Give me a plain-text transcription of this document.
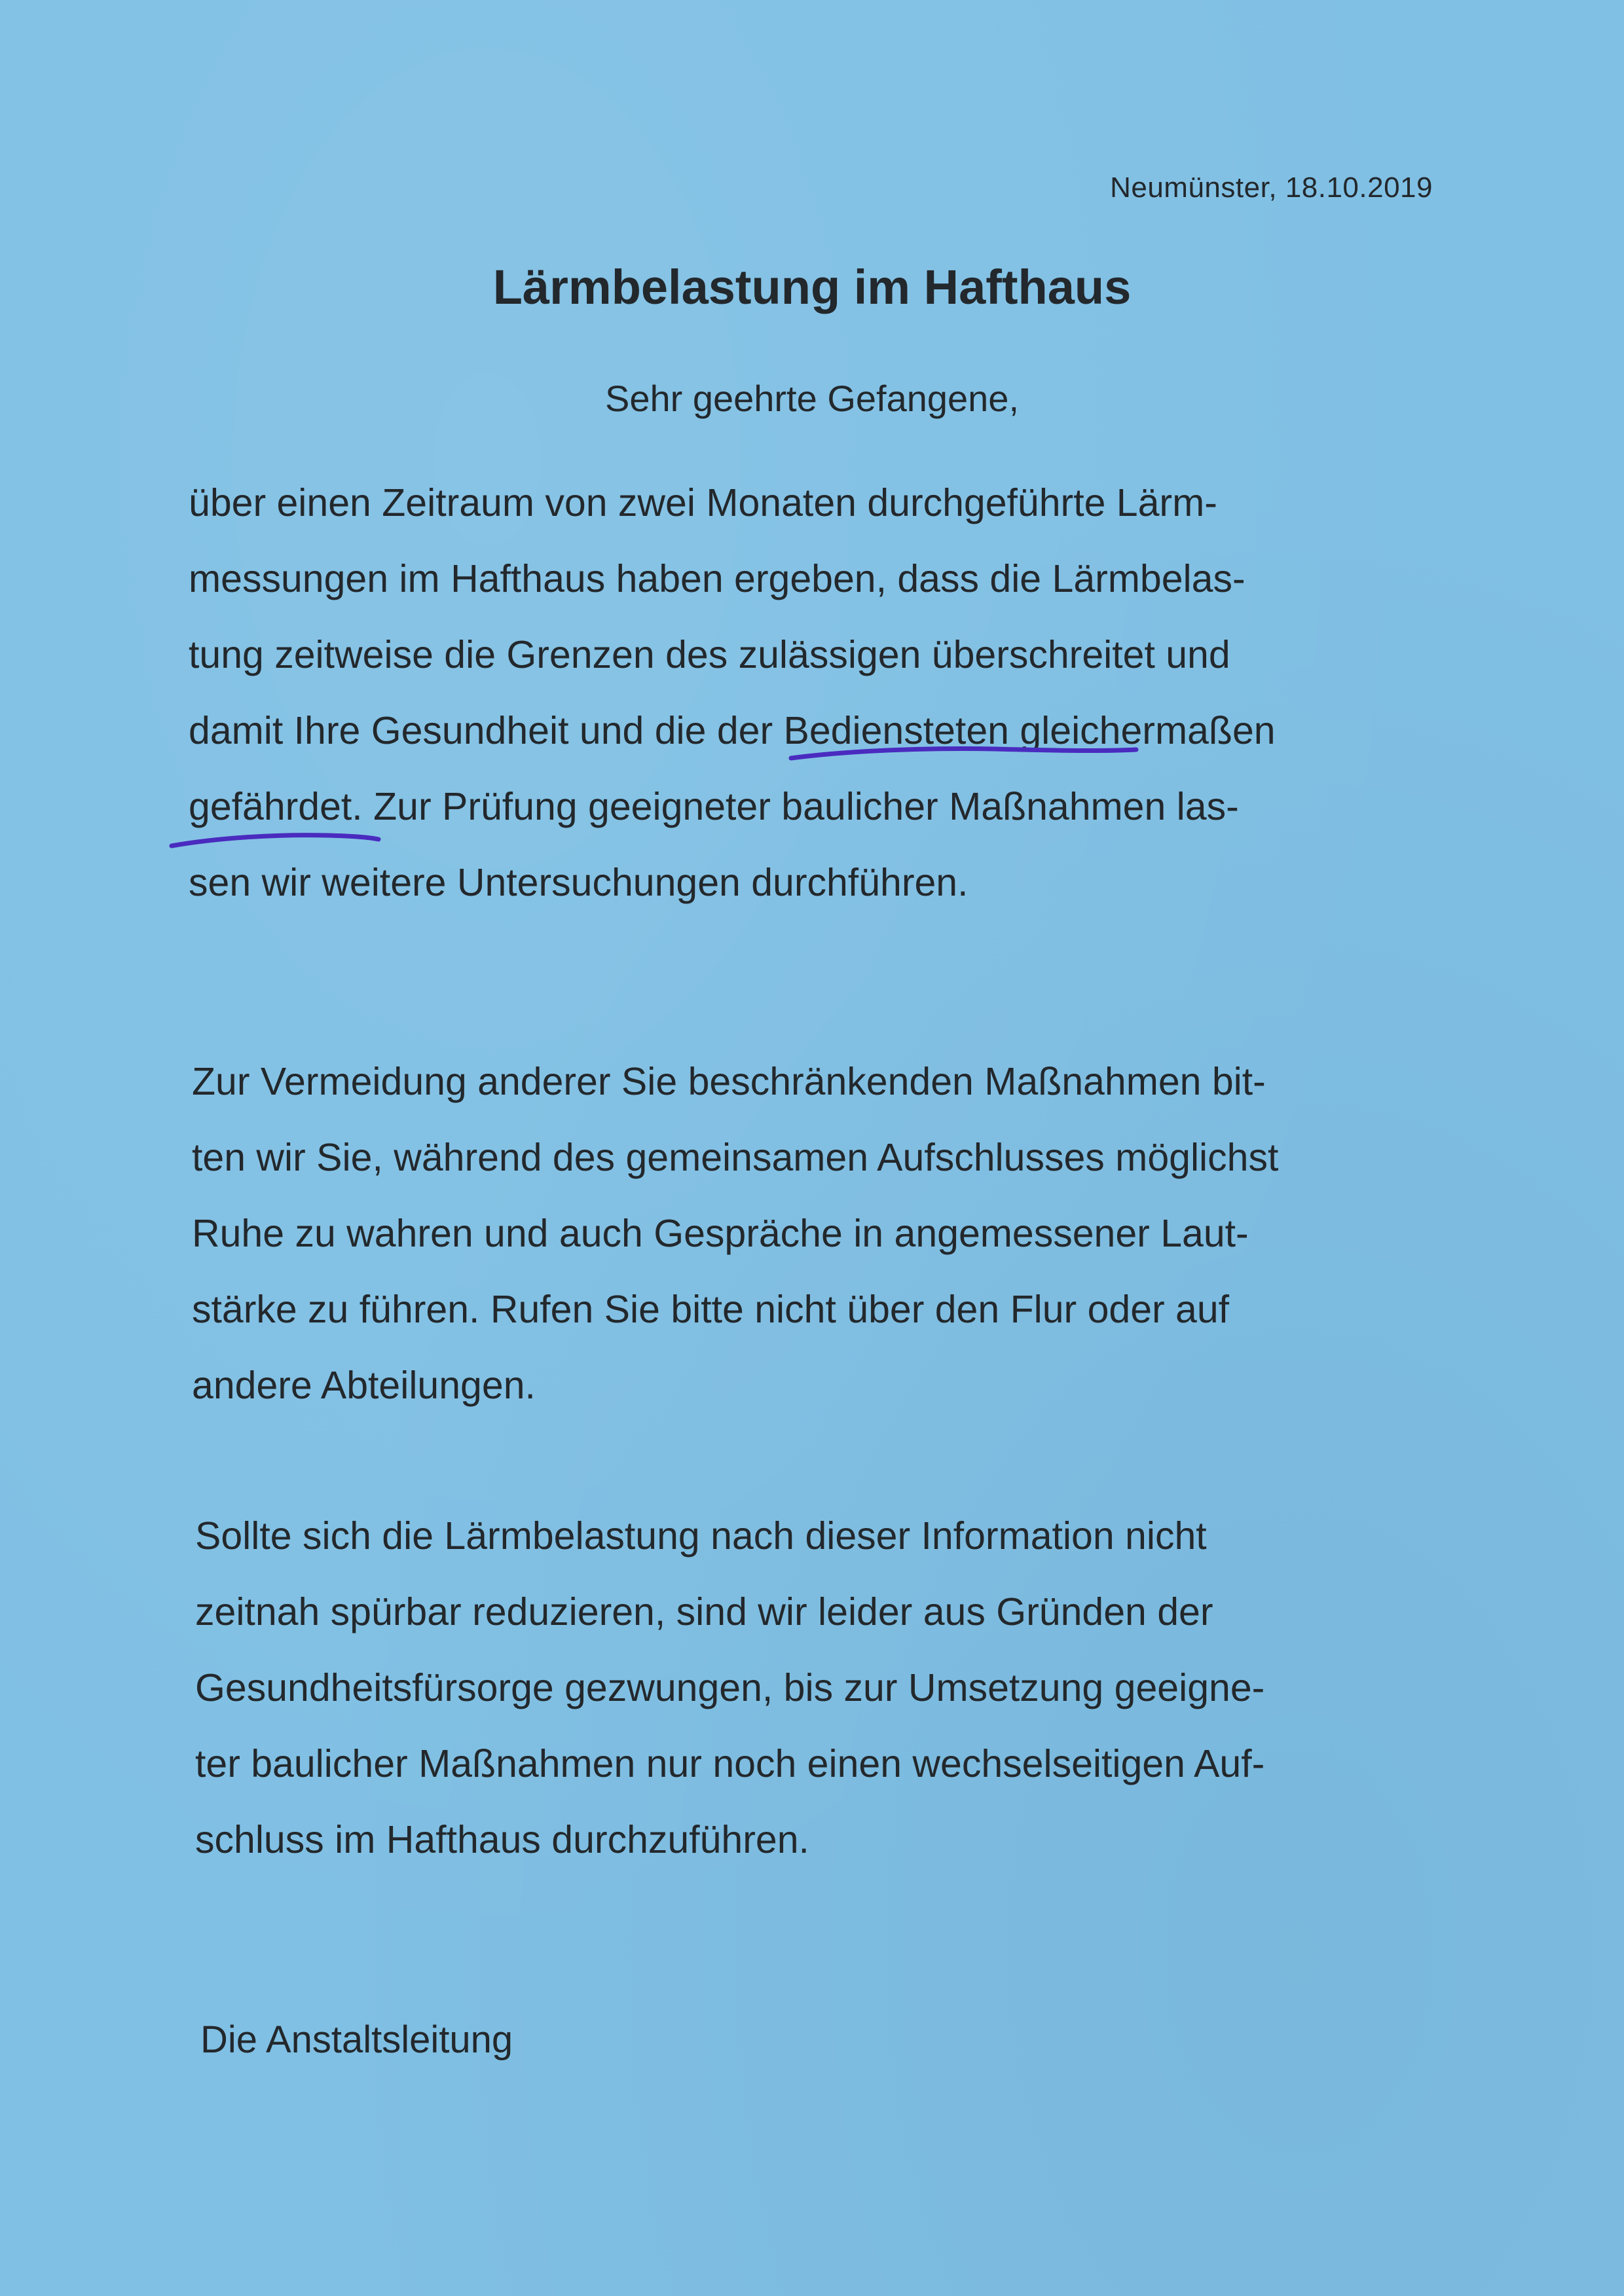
Neumünster, 18.10.2019
Lärmbelastung im Hafthaus
Sehr geehrte Gefangene,
über einen Zeitraum von zwei Monaten durchgeführte Lärm-
messungen im Hafthaus haben ergeben, dass die Lärmbelas-
tung zeitweise die Grenzen des zulässigen überschreitet und
damit Ihre Gesundheit und die der Bediensteten gleichermaßen
gefährdet. Zur Prüfung geeigneter baulicher Maßnahmen las-
sen wir weitere Untersuchungen durchführen.
Zur Vermeidung anderer Sie beschränkenden Maßnahmen bit-
ten wir Sie, während des gemeinsamen Aufschlusses möglichst
Ruhe zu wahren und auch Gespräche in angemessener Laut-
stärke zu führen. Rufen Sie bitte nicht über den Flur oder auf
andere Abteilungen.
Sollte sich die Lärmbelastung nach dieser Information nicht
zeitnah spürbar reduzieren, sind wir leider aus Gründen der
Gesundheitsfürsorge gezwungen, bis zur Umsetzung geeigne-
ter baulicher Maßnahmen nur noch einen wechselseitigen Auf-
schluss im Hafthaus durchzuführen.
Die Anstaltsleitung
